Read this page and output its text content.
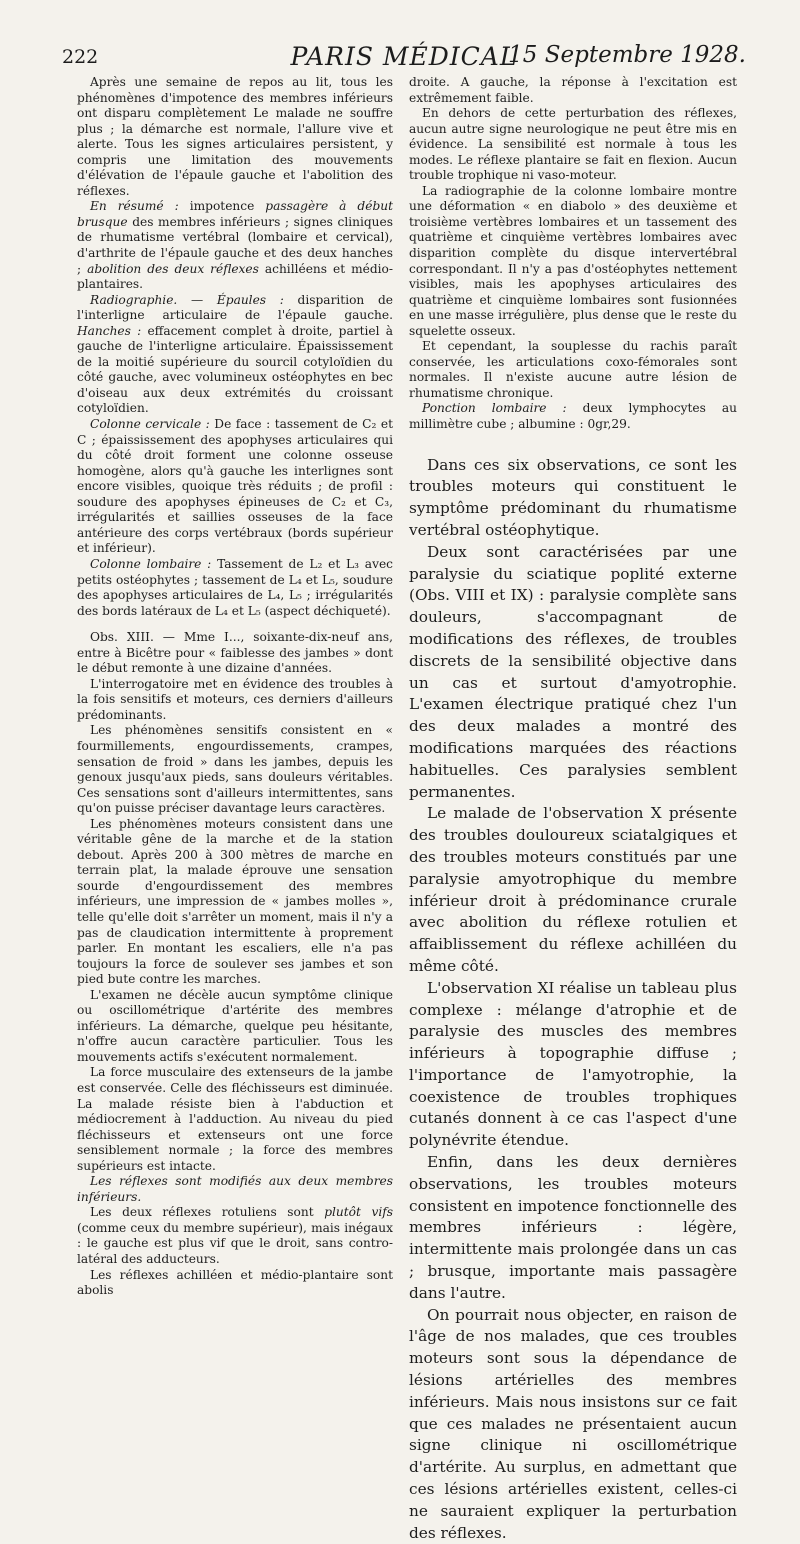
222	PARIS MÉDICAL
15 Septembre 1928.

Après une semaine de repos au lit, tous les phénomènes d'impotence des membres inférieurs ont disparu complètement Le malade ne souffre plus ; la démarche est normale, l'allure vive et alerte. Tous les signes articulaires persistent, y compris une limitation des mouvements d'élévation de l'épaule gauche et l'abolition des réflexes.

En résumé : impotence passagère à début brusque des membres inférieurs ; signes cliniques de rhumatisme vertébral (lombaire et cervical), d'arthrite de l'épaule gauche et des deux hanches ; abolition des deux réflexes achilléens et médio-plantaires.

Radiographie. — Épaules : disparition de l'interligne articulaire de l'épaule gauche. Hanches : effacement complet à droite, partiel à gauche de l'interligne articulaire. Épaississement de la moitié supérieure du sourcil cotyloïdien du côté gauche, avec volumineux ostéophytes en bec d'oiseau aux deux extrémités du croissant cotyloïdien.

Colonne cervicale : De face : tassement de C₂ et C ; épaississement des apophyses articulaires qui du côté droit forment une colonne osseuse homogène, alors qu'à gauche les interlignes sont encore visibles, quoique très réduits ; de profil : soudure des apophyses épineuses de C₂ et C₃, irrégularités et saillies osseuses de la face antérieure des corps vertébraux (bords supérieur et inférieur).

Colonne lombaire : Tassement de L₂ et L₃ avec petits ostéophytes ; tassement de L₄ et L₅, soudure des apophyses articulaires de L₄, L₅ ; irrégularités des bords latéraux de L₄ et L₅ (aspect déchiqueté).

Obs. XIII. — Mme I..., soixante-dix-neuf ans, entre à Bicêtre pour « faiblesse des jambes » dont le début remonte à une dizaine d'années.

L'interrogatoire met en évidence des troubles à la fois sensitifs et moteurs, ces derniers d'ailleurs prédominants.

Les phénomènes sensitifs consistent en « fourmillements, engourdissements, crampes, sensation de froid » dans les jambes, depuis les genoux jusqu'aux pieds, sans douleurs véritables. Ces sensations sont d'ailleurs intermittentes, sans qu'on puisse préciser davantage leurs caractères.

Les phénomènes moteurs consistent dans une véritable gêne de la marche et de la station debout. Après 200 à 300 mètres de marche en terrain plat, la malade éprouve une sensation sourde d'engourdissement des membres inférieurs, une impression de « jambes molles », telle qu'elle doit s'arrêter un moment, mais il n'y a pas de claudication intermittente à proprement parler. En montant les escaliers, elle n'a pas toujours la force de soulever ses jambes et son pied bute contre les marches.

L'examen ne décèle aucun symptôme clinique ou oscillométrique d'artérite des membres inférieurs. La démarche, quelque peu hésitante, n'offre aucun caractère particulier. Tous les mouvements actifs s'exécutent normalement.

La force musculaire des extenseurs de la jambe est conservée. Celle des fléchisseurs est diminuée. La malade résiste bien à l'abduction et médiocrement à l'adduction. Au niveau du pied fléchisseurs et extenseurs ont une force sensiblement normale ; la force des membres supérieurs est intacte.

Les réflexes sont modifiés aux deux membres inférieurs.

Les deux réflexes rotuliens sont plutôt vifs (comme ceux du membre supérieur), mais inégaux : le gauche est plus vif que le droit, sans contro-latéral des adducteurs.

Les réflexes achilléen et médio-plantaire sont abolis

droite. A gauche, la réponse à l'excitation est extrêmement faible.

En dehors de cette perturbation des réflexes, aucun autre signe neurologique ne peut être mis en évidence. La sensibilité est normale à tous les modes. Le réflexe plantaire se fait en flexion. Aucun trouble trophique ni vaso-moteur.

La radiographie de la colonne lombaire montre une déformation « en diabolo » des deuxième et troisième vertèbres lombaires et un tassement des quatrième et cinquième vertèbres lombaires avec disparition complète du disque intervertébral correspondant. Il n'y a pas d'ostéophytes nettement visibles, mais les apophyses articulaires des quatrième et cinquième lombaires sont fusionnées en une masse irrégulière, plus dense que le reste du squelette osseux.

Et cependant, la souplesse du rachis paraît conservée, les articulations coxo-fémorales sont normales. Il n'existe aucune autre lésion de rhumatisme chronique.

Ponction lombaire : deux lymphocytes au millimètre cube ; albumine : 0gr,29.

Dans ces six observations, ce sont les troubles moteurs qui constituent le symptôme prédominant du rhumatisme vertébral ostéophytique.

Deux sont caractérisées par une paralysie du sciatique poplité externe (Obs. VIII et IX) : paralysie complète sans douleurs, s'accompagnant de modifications des réflexes, de troubles discrets de la sensibilité objective dans un cas et surtout d'amyotrophie. L'examen électrique pratiqué chez l'un des deux malades a montré des modifications marquées des réactions habituelles. Ces paralysies semblent permanentes.

Le malade de l'observation X présente des troubles douloureux sciatalgiques et des troubles moteurs constitués par une paralysie amyotrophique du membre inférieur droit à prédominance crurale avec abolition du réflexe rotulien et affaiblissement du réflexe achilléen du même côté.

L'observation XI réalise un tableau plus complexe : mélange d'atrophie et de paralysie des muscles des membres inférieurs à topographie diffuse ; l'importance de l'amyotrophie, la coexistence de troubles trophiques cutanés donnent à ce cas l'aspect d'une polynévrite étendue.

Enfin, dans les deux dernières observations, les troubles moteurs consistent en impotence fonctionnelle des membres inférieurs : légère, intermittente mais prolongée dans un cas ; brusque, importante mais passagère dans l'autre.

On pourrait nous objecter, en raison de l'âge de nos malades, que ces troubles moteurs sont sous la dépendance de lésions artérielles des membres inférieurs. Mais nous insistons sur ce fait que ces malades ne présentaient aucun signe clinique ni oscillométrique d'artérite. Au surplus, en admettant que ces lésions artérielles existent, celles-ci ne sauraient expliquer la perturbation des réflexes.
